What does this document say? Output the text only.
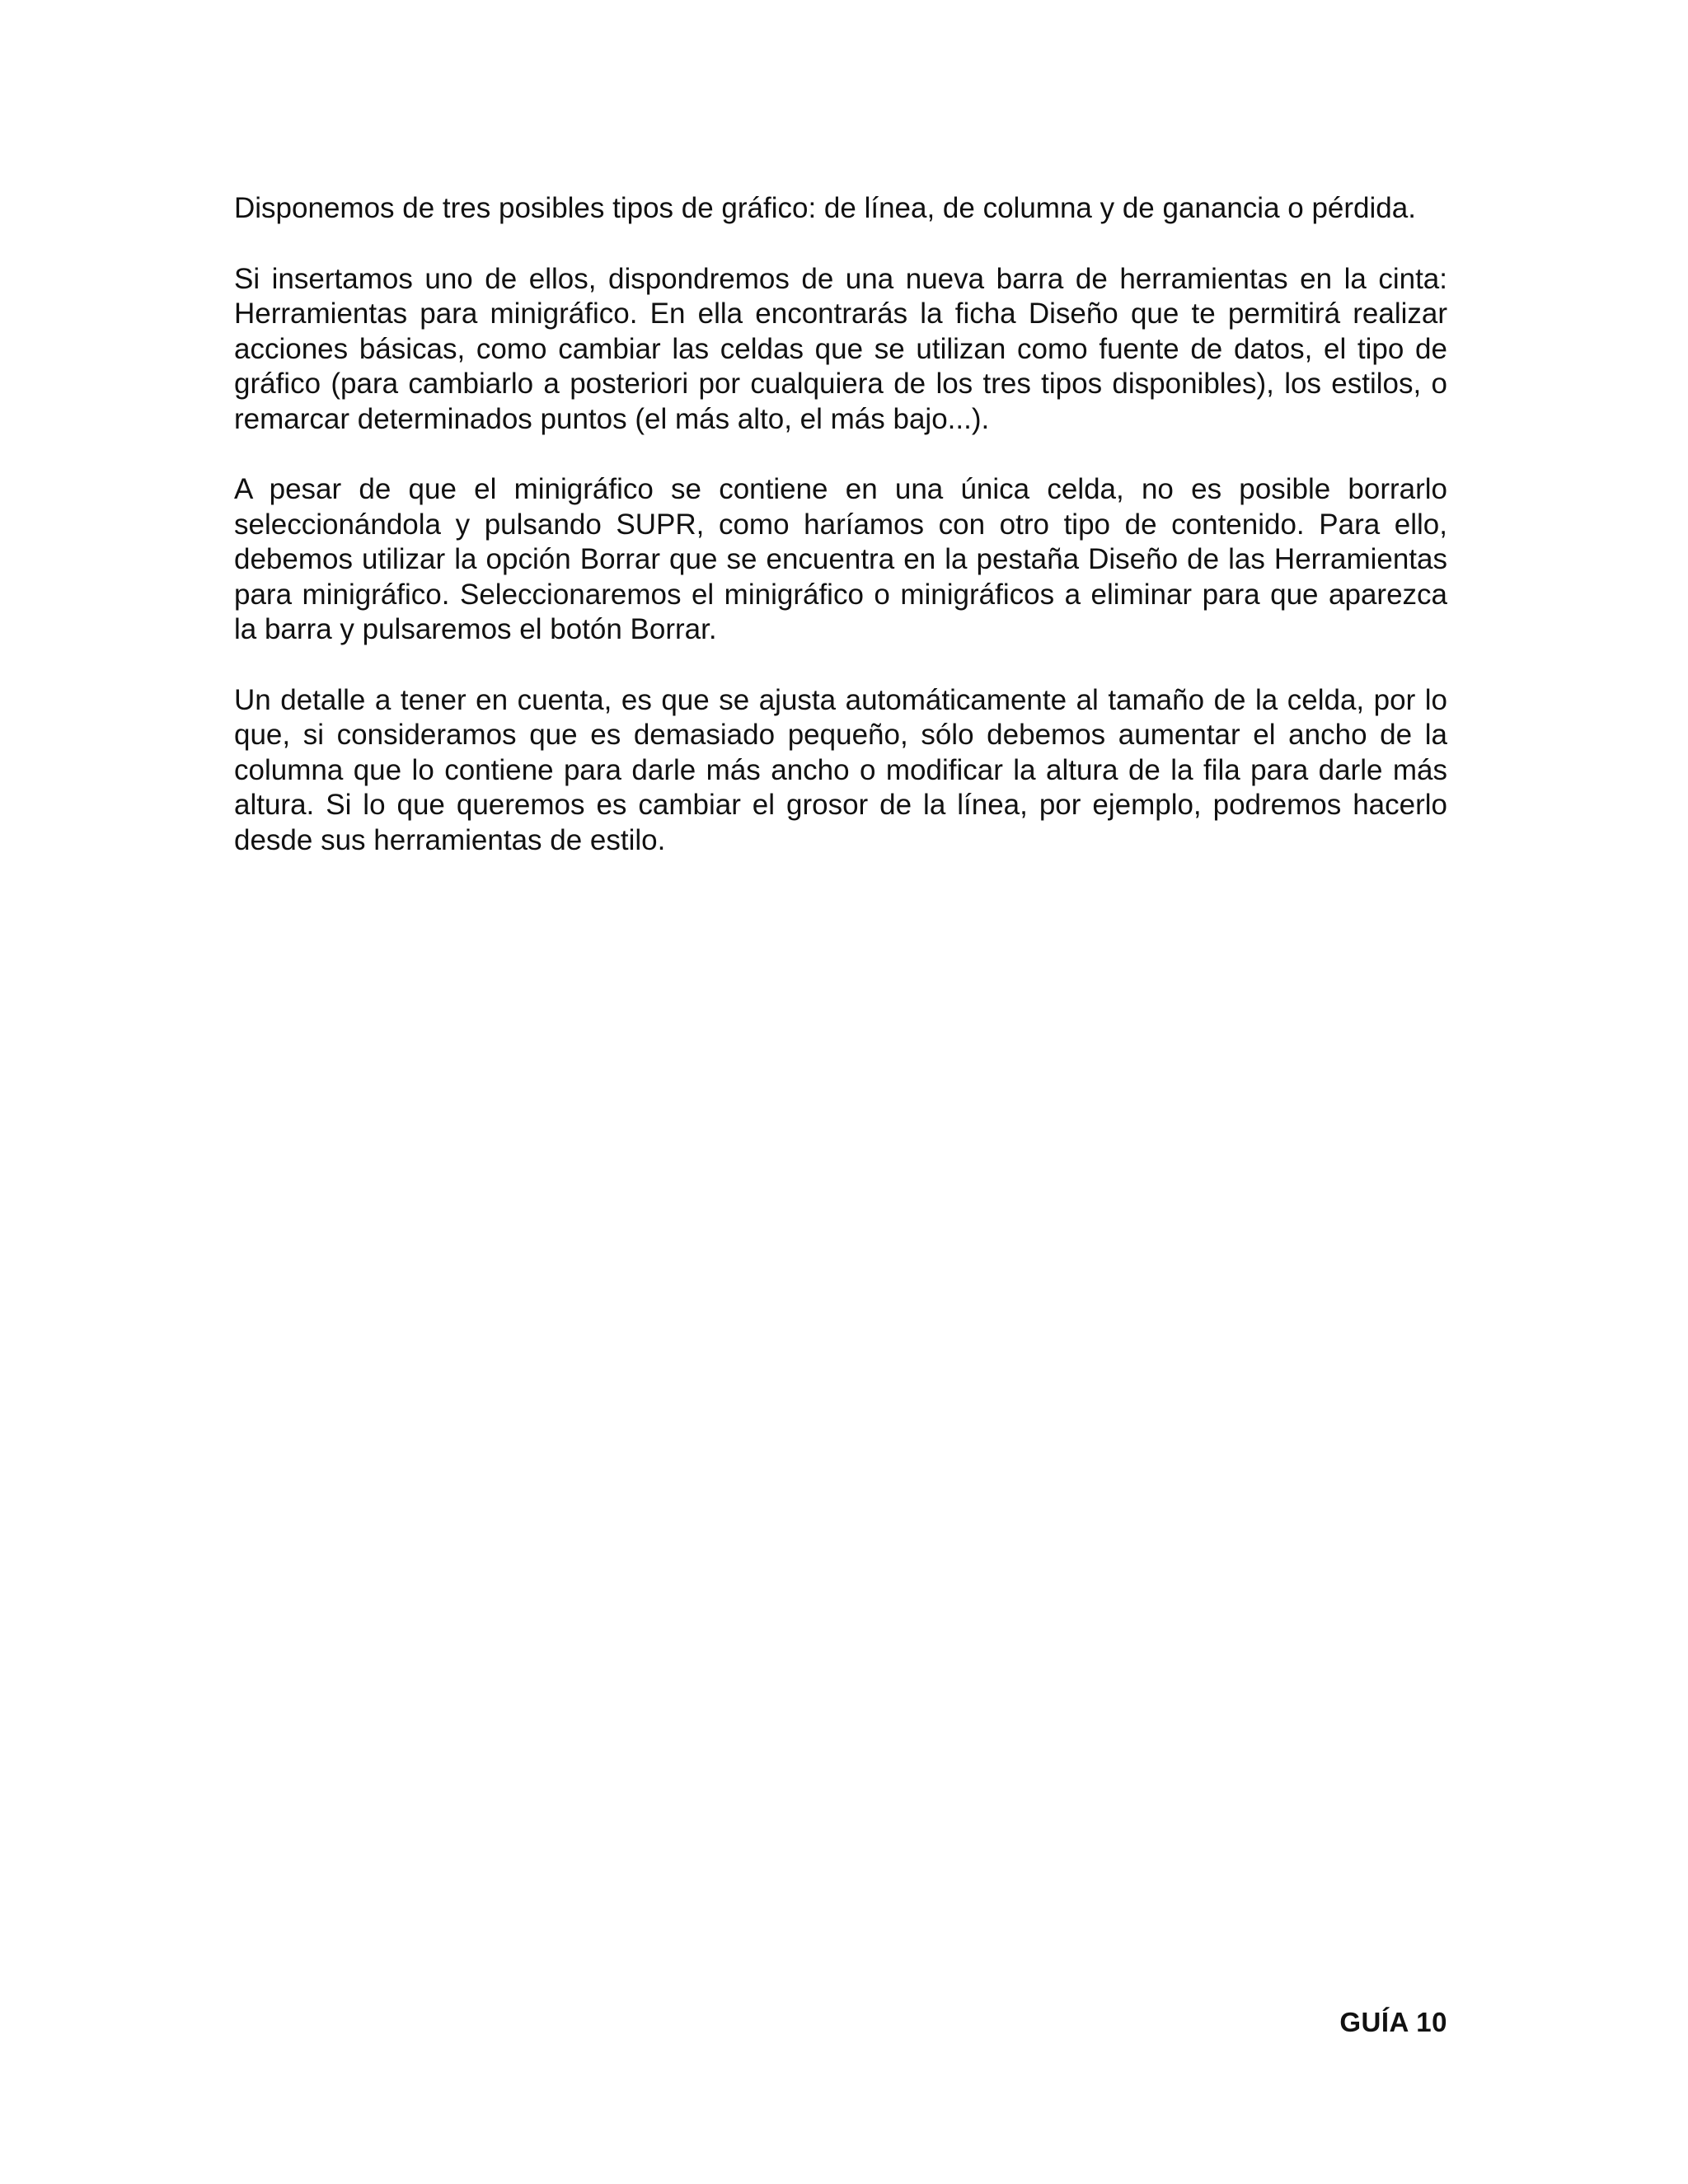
Disponemos de tres posibles tipos de gráfico: de línea, de columna y de ganancia o pérdida.

Si insertamos uno de ellos, dispondremos de una nueva barra de herramientas en la cinta: Herramientas para minigráfico. En ella encontrarás la ficha Diseño que te permitirá realizar acciones básicas, como cambiar las celdas que se utilizan como fuente de datos, el tipo de gráfico (para cambiarlo a posteriori por cualquiera de los tres tipos disponibles), los estilos, o remarcar determinados puntos (el más alto, el más bajo...).

A pesar de que el minigráfico se contiene en una única celda, no es posible borrarlo seleccionándola y pulsando SUPR, como haríamos con otro tipo de contenido. Para ello, debemos utilizar la opción Borrar que se encuentra en la pestaña Diseño de las Herramientas para minigráfico. Seleccionaremos el minigráfico o minigráficos a eliminar para que aparezca la barra y pulsaremos el botón Borrar.

Un detalle a tener en cuenta, es que se ajusta automáticamente al tamaño de la celda, por lo que, si consideramos que es demasiado pequeño, sólo debemos aumentar el ancho de la columna que lo contiene para darle más ancho o modificar la altura de la fila para darle más altura. Si lo que queremos es cambiar el grosor de la línea, por ejemplo, podremos hacerlo desde sus herramientas de estilo.

GUÍA 10
